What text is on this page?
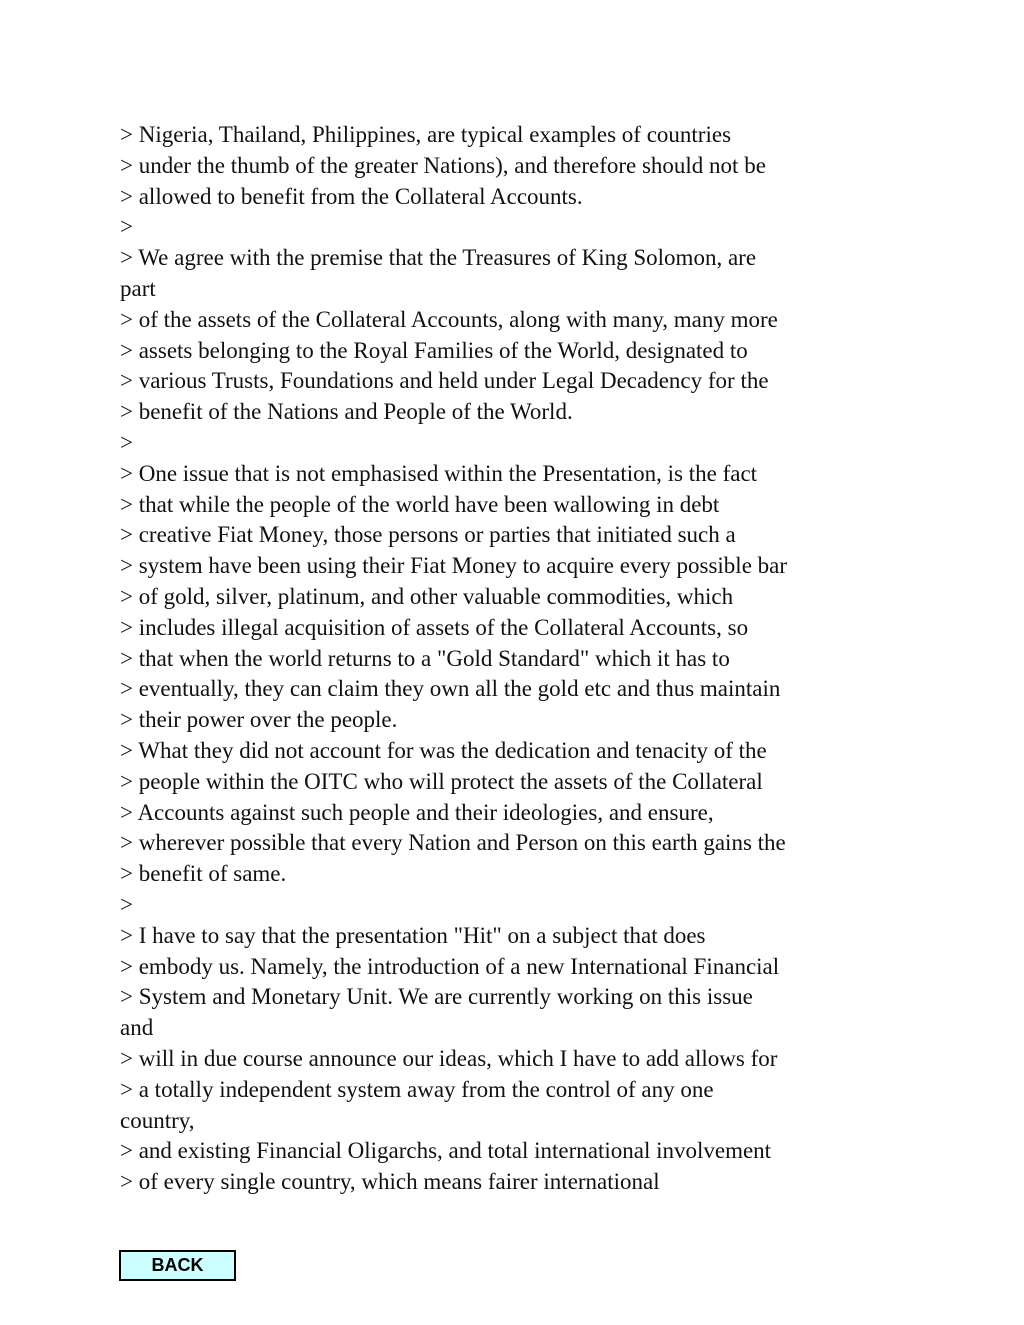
> Nigeria, Thailand, Philippines, are typical examples of countries
> under the thumb of the greater Nations), and therefore should not be
> allowed to benefit from the Collateral Accounts.
>
> We agree with the premise that the Treasures of King Solomon, are
part
> of the assets of the Collateral Accounts, along with many, many more
> assets belonging to the Royal Families of the World, designated to
> various Trusts, Foundations and held under Legal Decadency for the
> benefit of the Nations and People of the World.
>
> One issue that is not emphasised within the Presentation, is the fact
> that while the people of the world have been wallowing in debt
> creative Fiat Money, those persons or parties that initiated such a
> system have been using their Fiat Money to acquire every possible bar
> of gold, silver, platinum, and other valuable commodities, which
> includes illegal acquisition of assets of the Collateral Accounts, so
> that when the world returns to a "Gold Standard" which it has to
> eventually, they can claim they own all the gold etc and thus maintain
> their power over the people.
> What they did not account for was the dedication and tenacity of the
> people within the OITC who will protect the assets of the Collateral
> Accounts against such people and their ideologies, and ensure,
> wherever possible that every Nation and Person on this earth gains the
> benefit of same.
>
> I have to say that the presentation "Hit" on a subject that does
> embody us. Namely, the introduction of a new International Financial
> System and Monetary Unit. We are currently working on this issue
and
> will in due course announce our ideas, which I have to add allows for
> a totally independent system away from the control of any one
country,
> and existing Financial Oligarchs, and total international involvement
> of every single country, which means fairer international
BACK
